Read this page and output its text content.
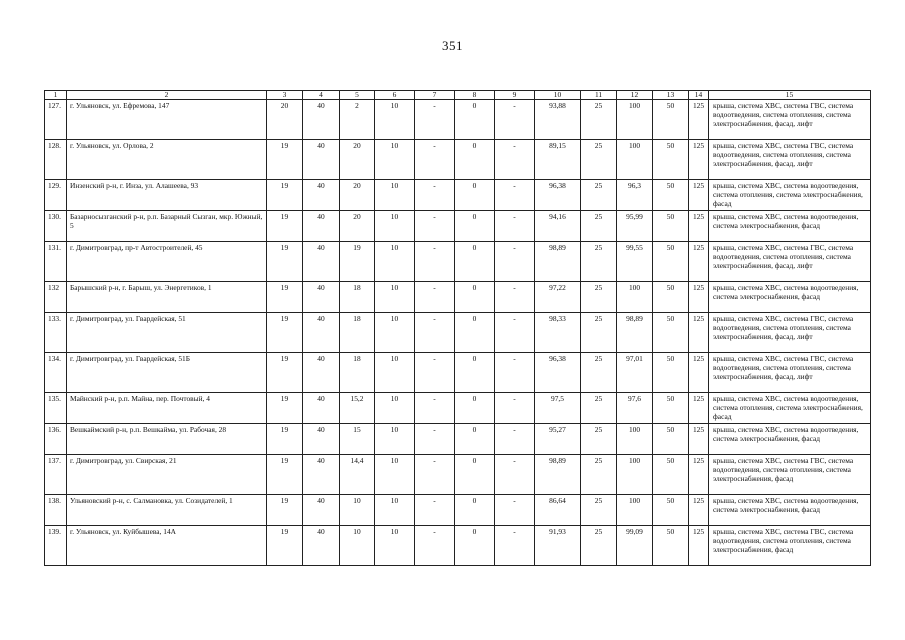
351
1	2	3	4	5	6	7	8	9	10	11	12	13	14	15
127.	г. Ульяновск, ул. Ефремова, 147	20	40	2	10	-	0	-	93,88	25	100	50	125	крыша, система ХВС, система ГВС, система водоотведения, система отопления, система электроснабжения, фасад, лифт
128.	г. Ульяновск, ул. Орлова, 2	19	40	20	10	-	0	-	89,15	25	100	50	125	крыша, система ХВС, система ГВС, система водоотведения, система отопления, система электроснабжения, фасад, лифт
129.	Инзенский р-н, г. Инза, ул. Алашеева, 93	19	40	20	10	-	0	-	96,38	25	96,3	50	125	крыша, система ХВС, система водоотведения, система отопления, система электроснабжения, фасад
130.	Базарносызганский р-н, р.п. Базарный Сызган, мкр. Южный, 5	19	40	20	10	-	0	-	94,16	25	95,99	50	125	крыша, система ХВС, система водоотведения, система электроснабжения, фасад
131.	г. Димитровград, пр-т Автостроителей, 45	19	40	19	10	-	0	-	98,89	25	99,55	50	125	крыша, система ХВС, система ГВС, система водоотведения, система отопления, система электроснабжения, фасад, лифт
132	Барышский р-н, г. Барыш, ул. Энергетиков, 1	19	40	18	10	-	0	-	97,22	25	100	50	125	крыша, система ХВС, система водоотведения, система электроснабжения, фасад
133.	г. Димитровград, ул. Гвардейская, 51	19	40	18	10	-	0	-	98,33	25	98,89	50	125	крыша, система ХВС, система ГВС, система водоотведения, система отопления, система электроснабжения, фасад, лифт
134.	г. Димитровград, ул. Гвардейская, 51Б	19	40	18	10	-	0	-	96,38	25	97,01	50	125	крыша, система ХВС, система ГВС, система водоотведения, система отопления, система электроснабжения, фасад, лифт
135.	Майнский р-н, р.п. Майна, пер. Почтовый, 4	19	40	15,2	10	-	0	-	97,5	25	97,6	50	125	крыша, система ХВС, система водоотведения, система отопления, система электроснабжения, фасад
136.	Вешкаймский р-н, р.п. Вешкайма, ул. Рабочая, 28	19	40	15	10	-	0	-	95,27	25	100	50	125	крыша, система ХВС, система водоотведения, система электроснабжения, фасад
137.	г. Димитровград, ул. Свирская, 21	19	40	14,4	10	-	0	-	98,89	25	100	50	125	крыша, система ХВС, система ГВС, система водоотведения, система отопления, система электроснабжения, фасад
138.	Ульяновский р-н, с. Салмановка, ул. Созидателей, 1	19	40	10	10	-	0	-	86,64	25	100	50	125	крыша, система ХВС, система водоотведения, система электроснабжения, фасад
139.	г. Ульяновск, ул. Куйбышева, 14А	19	40	10	10	-	0	-	91,93	25	99,09	50	125	крыша, система ХВС, система ГВС, система водоотведения, система отопления, система электроснабжения, фасад
